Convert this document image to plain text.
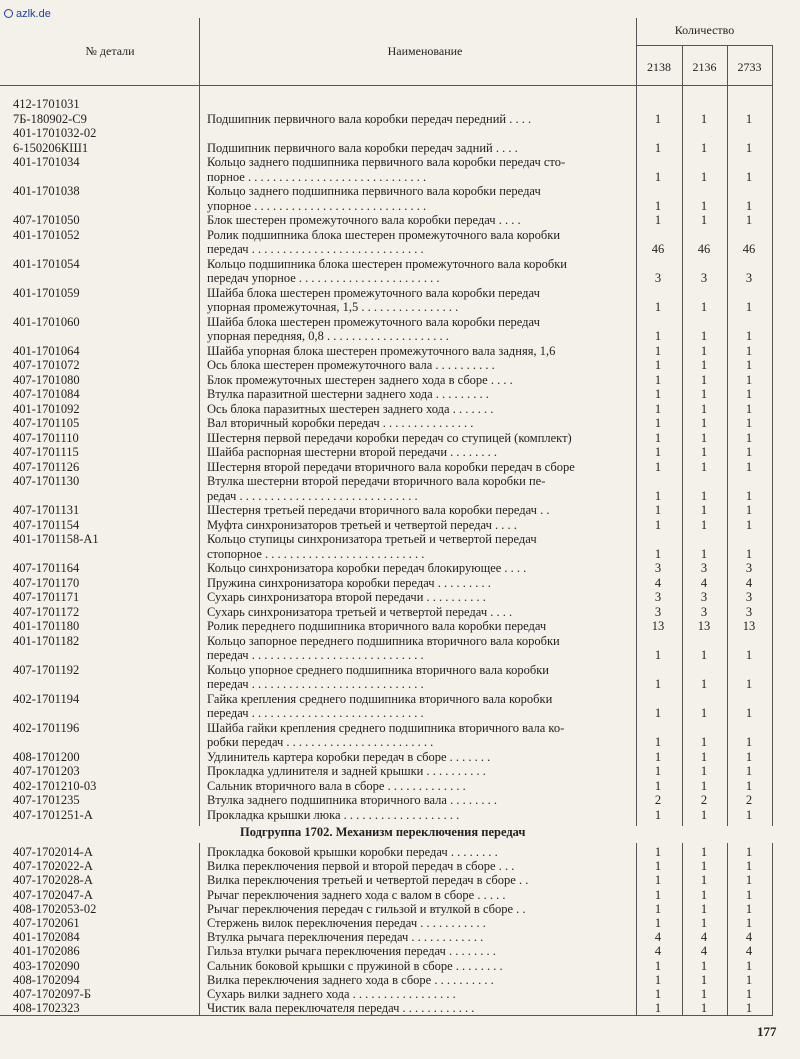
azlk.de
№ детали	Наименование
Количество
2138	2136	2733
412-1701031
7Б-180902-С9	Подшипник первичного вала коробки передач передний . . . .	1	1	1
401-1701032-02
6-150206КШ1	Подшипник первичного вала коробки передач задний . . . .	1	1	1
401-1701034	Кольцо заднего подшипника первичного вала коробки передач сто-
порное . . . . . . . . . . . . . . . . . . . . . . . . . . . . .	1	1	1
401-1701038	Кольцо заднего подшипника первичного вала коробки передач
упорное . . . . . . . . . . . . . . . . . . . . . . . . . . . .	1	1	1
407-1701050	Блок шестерен промежуточного вала коробки передач . . . .	1	1	1
401-1701052	Ролик подшипника блока шестерен промежуточного вала коробки
передач . . . . . . . . . . . . . . . . . . . . . . . . . . . .	46	46	46
401-1701054	Кольцо подшипника блока шестерен промежуточного вала коробки
передач упорное . . . . . . . . . . . . . . . . . . . . . . .	3	3	3
401-1701059	Шайба блока шестерен промежуточного вала коробки передач
упорная промежуточная, 1,5 . . . . . . . . . . . . . . . .	1	1	1
401-1701060	Шайба блока шестерен промежуточного вала коробки передач
упорная передняя, 0,8 . . . . . . . . . . . . . . . . . . . .	1	1	1
401-1701064	Шайба упорная блока шестерен промежуточного вала задняя, 1,6	1	1	1
407-1701072	Ось блока шестерен промежуточного вала . . . . . . . . . .	1	1	1
407-1701080	Блок промежуточных шестерен заднего хода в сборе . . . .	1	1	1
407-1701084	Втулка паразитной шестерни заднего хода . . . . . . . . .	1	1	1
401-1701092	Ось блока паразитных шестерен заднего хода . . . . . . .	1	1	1
407-1701105	Вал вторичный коробки передач . . . . . . . . . . . . . . .	1	1	1
407-1701110	Шестерня первой передачи коробки передач со ступицей (комплект)	1	1	1
407-1701115	Шайба распорная шестерни второй передачи . . . . . . . .	1	1	1
407-1701126	Шестерня второй передачи вторичного вала коробки передач в сборе	1	1	1
407-1701130	Втулка шестерни второй передачи вторичного вала коробки пе-
редач . . . . . . . . . . . . . . . . . . . . . . . . . . . . .	1	1	1
407-1701131	Шестерня третьей передачи вторичного вала коробки передач . .	1	1	1
407-1701154	Муфта синхронизаторов третьей и четвертой передач . . . .	1	1	1
401-1701158-А1	Кольцо ступицы синхронизатора третьей и четвертой передач
стопорное . . . . . . . . . . . . . . . . . . . . . . . . . .	1	1	1
407-1701164	Кольцо синхронизатора коробки передач блокирующее . . . .	3	3	3
407-1701170	Пружина синхронизатора коробки передач . . . . . . . . .	4	4	4
407-1701171	Сухарь синхронизатора второй передачи . . . . . . . . . .	3	3	3
407-1701172	Сухарь синхронизатора третьей и четвертой передач . . . .	3	3	3
401-1701180	Ролик переднего подшипника вторичного вала коробки передач	13	13	13
401-1701182	Кольцо запорное переднего подшипника вторичного вала коробки
передач . . . . . . . . . . . . . . . . . . . . . . . . . . . .	1	1	1
407-1701192	Кольцо упорное среднего подшипника вторичного вала коробки
передач . . . . . . . . . . . . . . . . . . . . . . . . . . . .	1	1	1
402-1701194	Гайка крепления среднего подшипника вторичного вала коробки
передач . . . . . . . . . . . . . . . . . . . . . . . . . . . .	1	1	1
402-1701196	Шайба гайки крепления среднего подшипника вторичного вала ко-
робки передач . . . . . . . . . . . . . . . . . . . . . . . .	1	1	1
408-1701200	Удлинитель картера коробки передач в сборе . . . . . . .	1	1	1
407-1701203	Прокладка удлинителя и задней крышки . . . . . . . . . .	1	1	1
402-1701210-03	Сальник вторичного вала в сборе . . . . . . . . . . . . .	1	1	1
407-1701235	Втулка заднего подшипника вторичного вала . . . . . . . .	2	2	2
407-1701251-А	Прокладка крышки люка . . . . . . . . . . . . . . . . . . .	1	1	1
Подгруппа 1702. Механизм переключения передач
407-1702014-А	Прокладка боковой крышки коробки передач . . . . . . . .	1	1	1
407-1702022-А	Вилка переключения первой и второй передач в сборе . . .	1	1	1
407-1702028-А	Вилка переключения третьей и четвертой передач в сборе . .	1	1	1
407-1702047-А	Рычаг переключения заднего хода с валом в сборе . . . . .	1	1	1
408-1702053-02	Рычаг переключения передач с гильзой и втулкой в сборе . .	1	1	1
407-1702061	Стержень вилок переключения передач . . . . . . . . . . .	1	1	1
401-1702084	Втулка рычага переключения передач . . . . . . . . . . . .	4	4	4
401-1702086	Гильза втулки рычага переключения передач . . . . . . . .	4	4	4
403-1702090	Сальник боковой крышки с пружиной в сборе . . . . . . . .	1	1	1
408-1702094	Вилка переключения заднего хода в сборе . . . . . . . . . .	1	1	1
407-1702097-Б	Сухарь вилки заднего хода . . . . . . . . . . . . . . . . .	1	1	1
408-1702323	Чистик вала переключателя передач . . . . . . . . . . . .	1	1	1
177
